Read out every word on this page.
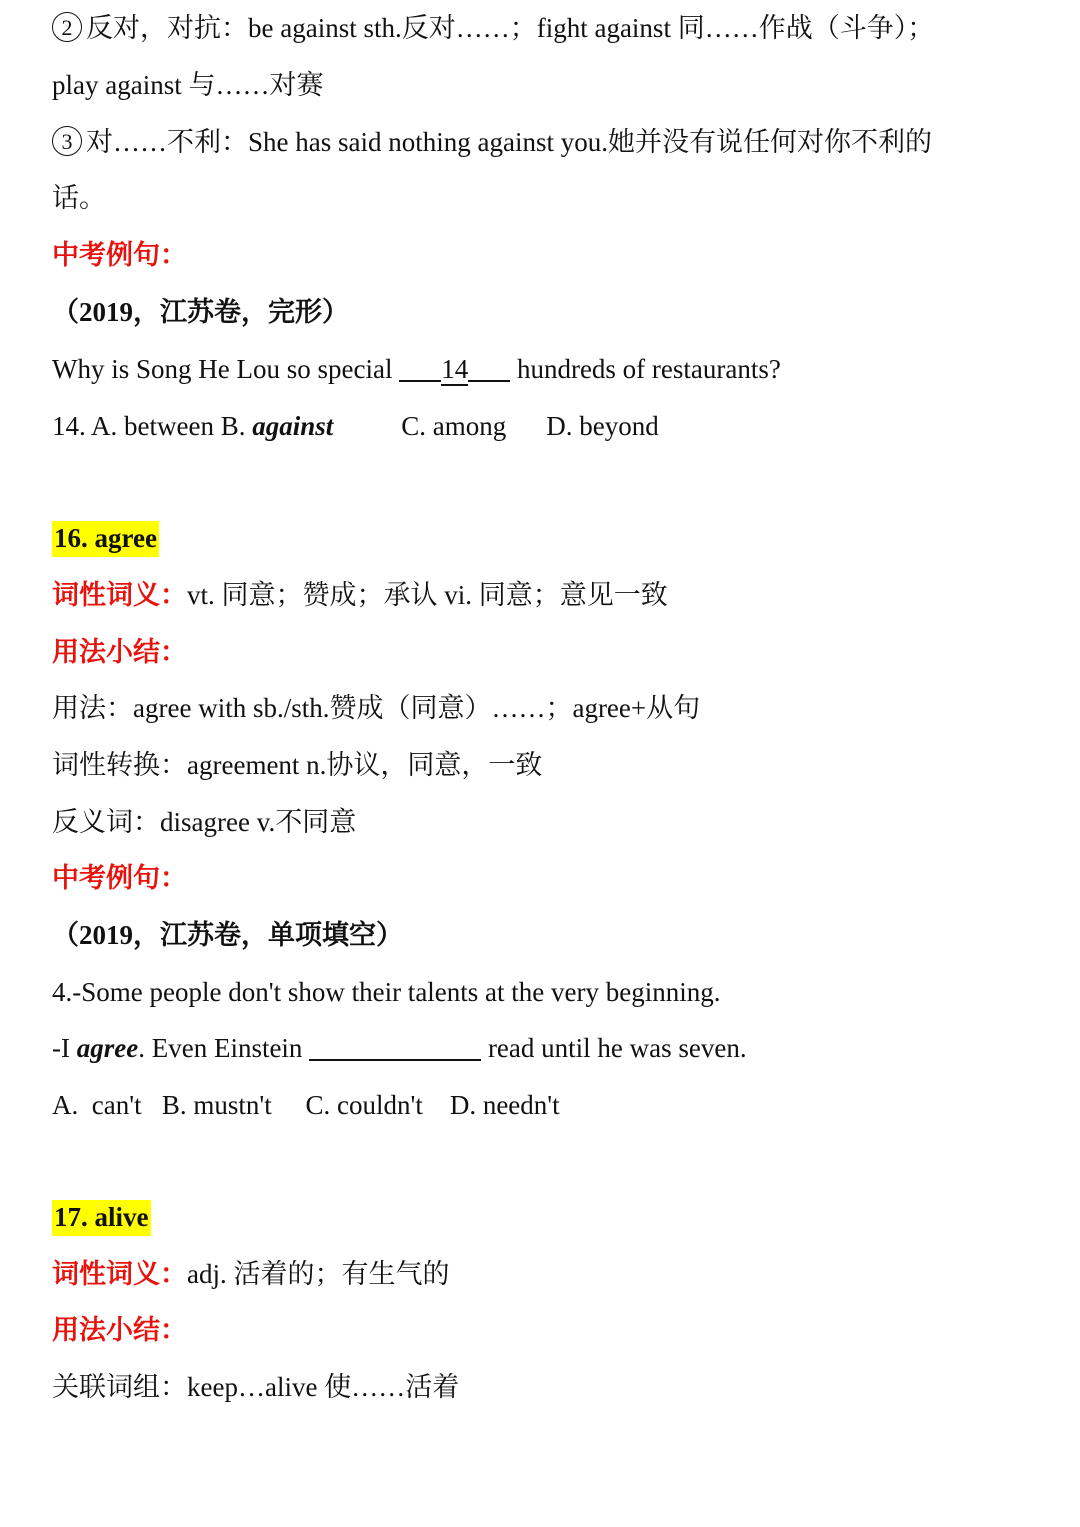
2 反对，对抗：be against sth.反对……；fight against 同……作战（斗争）；
play against 与……对赛
3 对……不利：She has said nothing against you.她并没有说任何对你不利的
话。
中考例句：
（2019，江苏卷，完形）
Why is Song He Lou so special 14 hundreds of restaurants?
14. A. between B. against	C. among D. beyond
16. agree
词性词义：vt. 同意；赞成；承认 vi. 同意；意见一致
用法小结：
用法：agree with sb./sth.赞成（同意）……；agree+从句
词性转换：agreement n.协议，同意，一致
反义词：disagree v.不同意
中考例句：
（2019，江苏卷，单项填空）
4.-Some people don't show their talents at the very beginning.
-I agree. Even Einstein	read until he was seven.
A.  can't   B. mustn't     C. couldn't    D. needn't
17. alive
词性词义：adj. 活着的；有生气的
用法小结：
关联词组：keep…alive 使……活着
